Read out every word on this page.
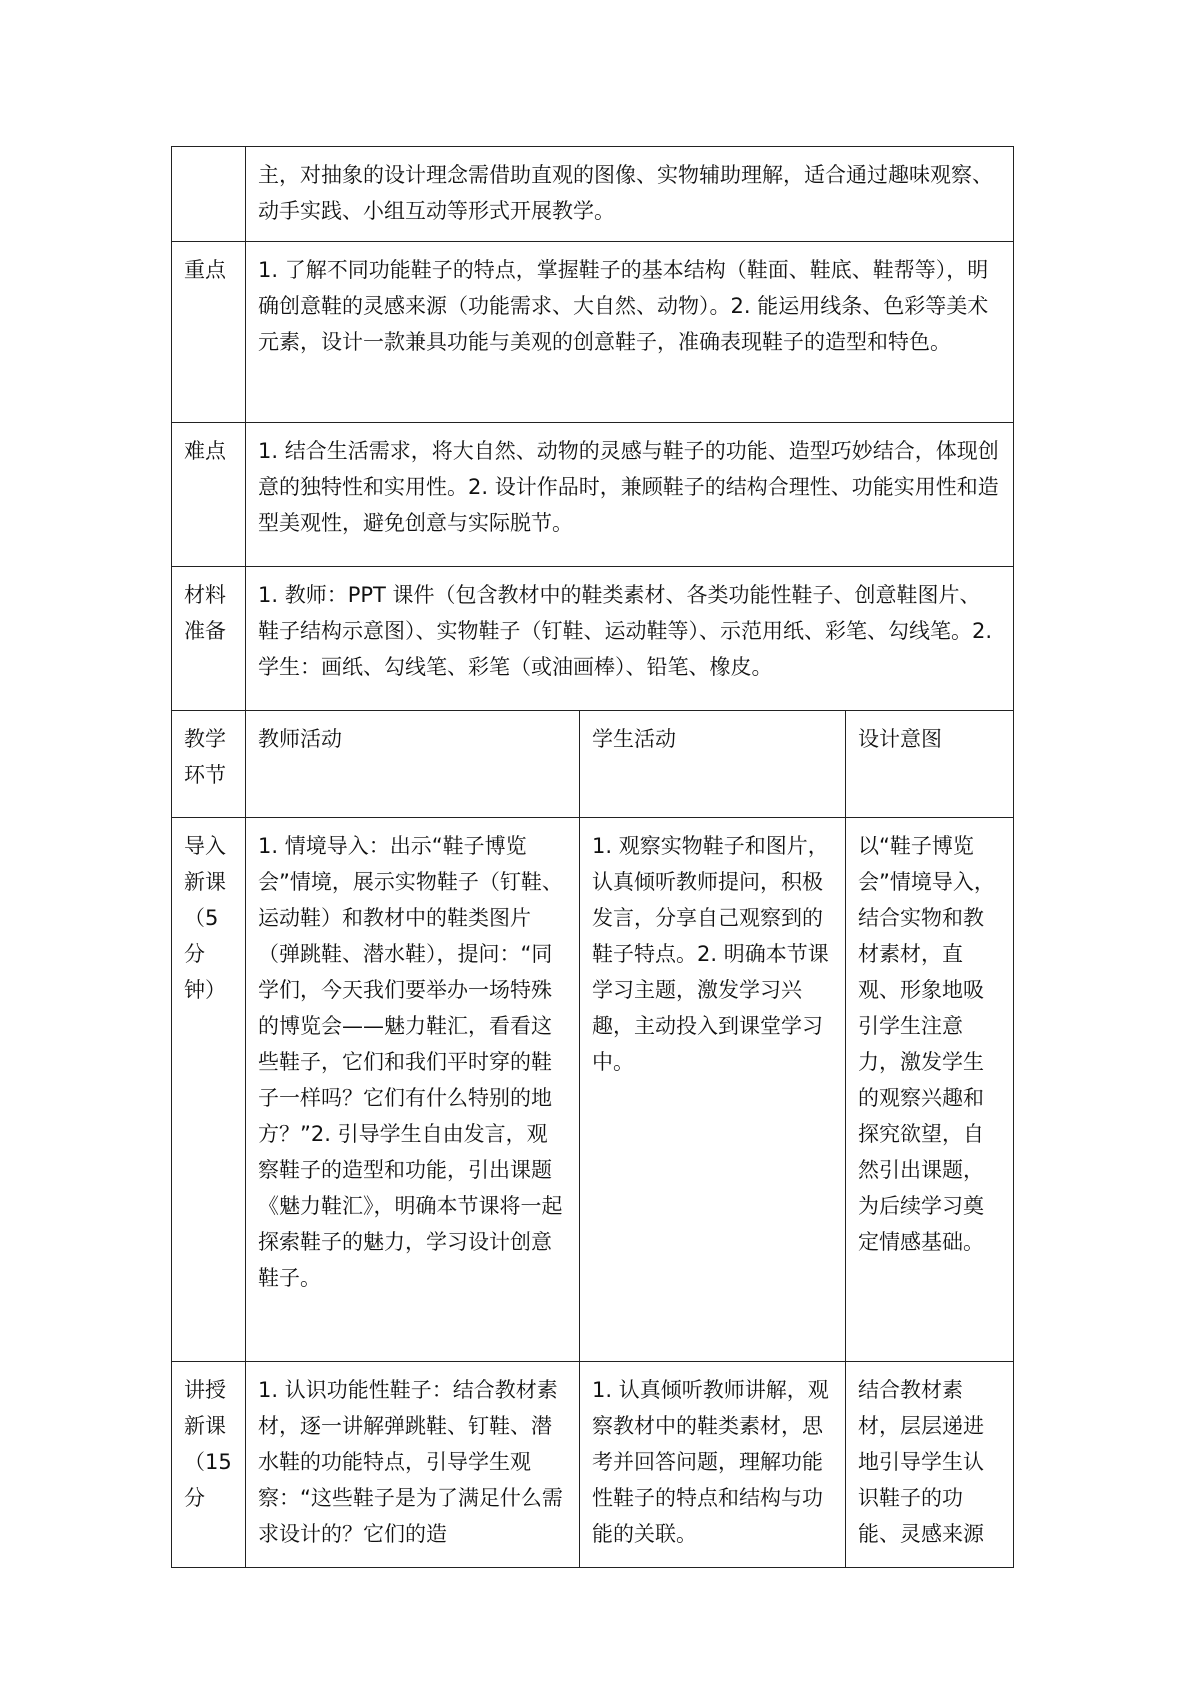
	主，对抽象的设计理念需借助直观的图像、实物辅助理解，适合通过趣味观察、动手实践、小组互动等形式开展教学。		
重点	1. 了解不同功能鞋子的特点，掌握鞋子的基本结构（鞋面、鞋底、鞋帮等），明确创意鞋的灵感来源（功能需求、大自然、动物）。2. 能运用线条、色彩等美术元素，设计一款兼具功能与美观的创意鞋子，准确表现鞋子的造型和特色。		
难点	1. 结合生活需求，将大自然、动物的灵感与鞋子的功能、造型巧妙结合，体现创意的独特性和实用性。2. 设计作品时，兼顾鞋子的结构合理性、功能实用性和造型美观性，避免创意与实际脱节。		
材料准备	1. 教师：PPT 课件（包含教材中的鞋类素材、各类功能性鞋子、创意鞋图片、鞋子结构示意图）、实物鞋子（钉鞋、运动鞋等）、示范用纸、彩笔、勾线笔。2. 学生：画纸、勾线笔、彩笔（或油画棒）、铅笔、橡皮。		
教学环节	教师活动	学生活动	设计意图
导入新课（5分钟）	1. 情境导入：出示“鞋子博览会”情境，展示实物鞋子（钉鞋、运动鞋）和教材中的鞋类图片（弹跳鞋、潜水鞋），提问：“同学们，今天我们要举办一场特殊的博览会——魅力鞋汇，看看这些鞋子，它们和我们平时穿的鞋子一样吗？它们有什么特别的地方？”2. 引导学生自由发言，观察鞋子的造型和功能，引出课题《魅力鞋汇》，明确本节课将一起探索鞋子的魅力，学习设计创意鞋子。	1. 观察实物鞋子和图片，认真倾听教师提问，积极发言，分享自己观察到的鞋子特点。2. 明确本节课学习主题，激发学习兴趣，主动投入到课堂学习中。	以“鞋子博览会”情境导入，结合实物和教材素材，直观、形象地吸引学生注意力，激发学生的观察兴趣和探究欲望，自然引出课题，为后续学习奠定情感基础。
讲授新课（15分	1. 认识功能性鞋子：结合教材素材，逐一讲解弹跳鞋、钉鞋、潜水鞋的功能特点，引导学生观察：“这些鞋子是为了满足什么需求设计的？它们的造	1. 认真倾听教师讲解，观察教材中的鞋类素材，思考并回答问题，理解功能性鞋子的特点和结构与功能的关联。	结合教材素材，层层递进地引导学生认识鞋子的功能、灵感来源
